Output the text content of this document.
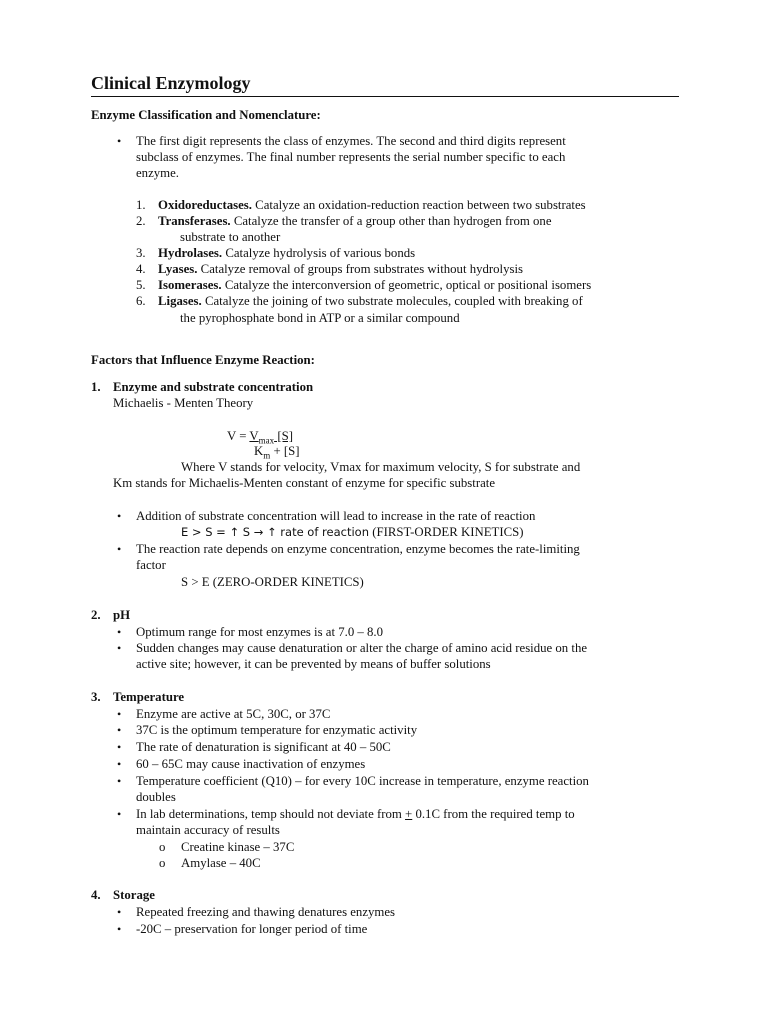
Clinical Enzymology
Enzyme Classification and Nomenclature:
• The first digit represents the class of enzymes. The second and third digits represent
subclass of enzymes. The final number represents the serial number specific to each
enzyme.
1. Oxidoreductases. Catalyze an oxidation-reduction reaction between two substrates
2. Transferases. Catalyze the transfer of a group other than hydrogen from one
substrate to another
3. Hydrolases. Catalyze hydrolysis of various bonds
4. Lyases. Catalyze removal of groups from substrates without hydrolysis
5. Isomerases. Catalyze the interconversion of geometric, optical or positional isomers
6. Ligases. Catalyze the joining of two substrate molecules, coupled with breaking of
the pyrophosphate bond in ATP or a similar compound
Factors that Influence Enzyme Reaction:
1. Enzyme and substrate concentration
Michaelis - Menten Theory
$V = V_{max}$ [S]
$K_m + [S]$
Where V stands for velocity, Vmax for maximum velocity, S for substrate and
Km stands for Michaelis-Menten constant of enzyme for specific substrate
• Addition of substrate concentration will lead to increase in the rate of reaction
E > S = ↑ S → ↑ rate of reaction (FIRST-ORDER KINETICS)
• The reaction rate depends on enzyme concentration, enzyme becomes the rate-limiting
factor
S > E (ZERO-ORDER KINETICS)
2. pH
• Optimum range for most enzymes is at 7.0 – 8.0
• Sudden changes may cause denaturation or alter the charge of amino acid residue on the
active site; however, it can be prevented by means of buffer solutions
3. Temperature
• Enzyme are active at 5C, 30C, or 37C
• 37C is the optimum temperature for enzymatic activity
• The rate of denaturation is significant at 40 – 50C
• 60 – 65C may cause inactivation of enzymes
• Temperature coefficient (Q10) – for every 10C increase in temperature, enzyme reaction
doubles
• In lab determinations, temp should not deviate from + 0.1C from the required temp to
maintain accuracy of results
o Creatine kinase – 37C
o Amylase – 40C
4. Storage
• Repeated freezing and thawing denatures enzymes
• -20C – preservation for longer period of time
